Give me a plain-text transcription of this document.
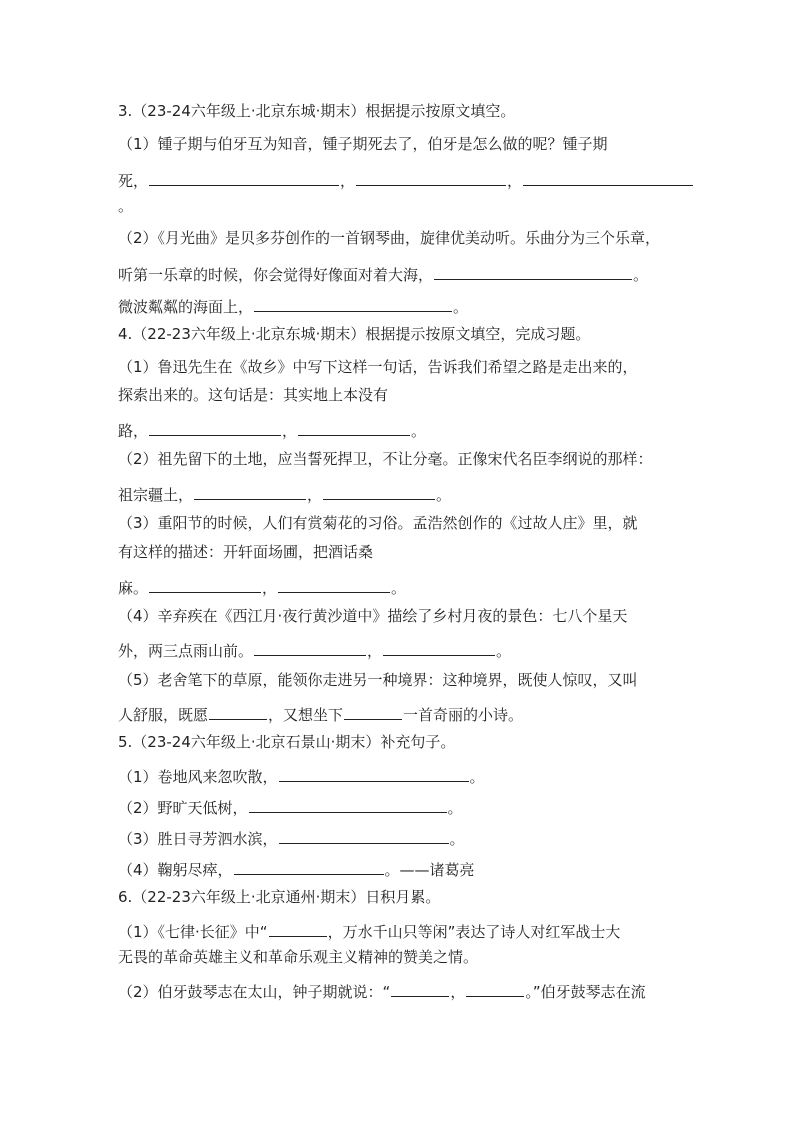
3.（23-24六年级上·北京东城·期末）根据提示按原文填空。
（1）锺子期与伯牙互为知音，锺子期死去了，伯牙是怎么做的呢？锺子期
死，	，	，
。
（2）《月光曲》是贝多芬创作的一首钢琴曲，旋律优美动听。乐曲分为三个乐章，
听第一乐章的时候，你会觉得好像面对着大海，	。
微波粼粼的海面上，	。
4.（22-23六年级上·北京东城·期末）根据提示按原文填空，完成习题。
（1）鲁迅先生在《故乡》中写下这样一句话，告诉我们希望之路是走出来的，
探索出来的。这句话是：其实地上本没有
路，	，	。
（2）祖先留下的土地，应当誓死捍卫，不让分毫。正像宋代名臣李纲说的那样：
祖宗疆土，	，	。
（3）重阳节的时候，人们有赏菊花的习俗。孟浩然创作的《过故人庄》里，就
有这样的描述：开轩面场圃，把酒话桑
麻。	，	。
（4）辛弃疾在《西江月·夜行黄沙道中》描绘了乡村月夜的景色：七八个星天
外，两三点雨山前。	，	。
（5）老舍笔下的草原，能领你走进另一种境界：这种境界，既使人惊叹，又叫
人舒服，既愿	，又想坐下	一首奇丽的小诗。
5.（23-24六年级上·北京石景山·期末）补充句子。
（1）卷地风来忽吹散，	。
（2）野旷天低树，	。
（3）胜日寻芳泗水滨，	。
（4）鞠躬尽瘁，	。——诸葛亮
6.（22-23六年级上·北京通州·期末）日积月累。
（1）《七律·长征》中“	，万水千山只等闲”表达了诗人对红军战士大
无畏的革命英雄主义和革命乐观主义精神的赞美之情。
（2）伯牙鼓琴志在太山，钟子期就说：“	，	。”伯牙鼓琴志在流
